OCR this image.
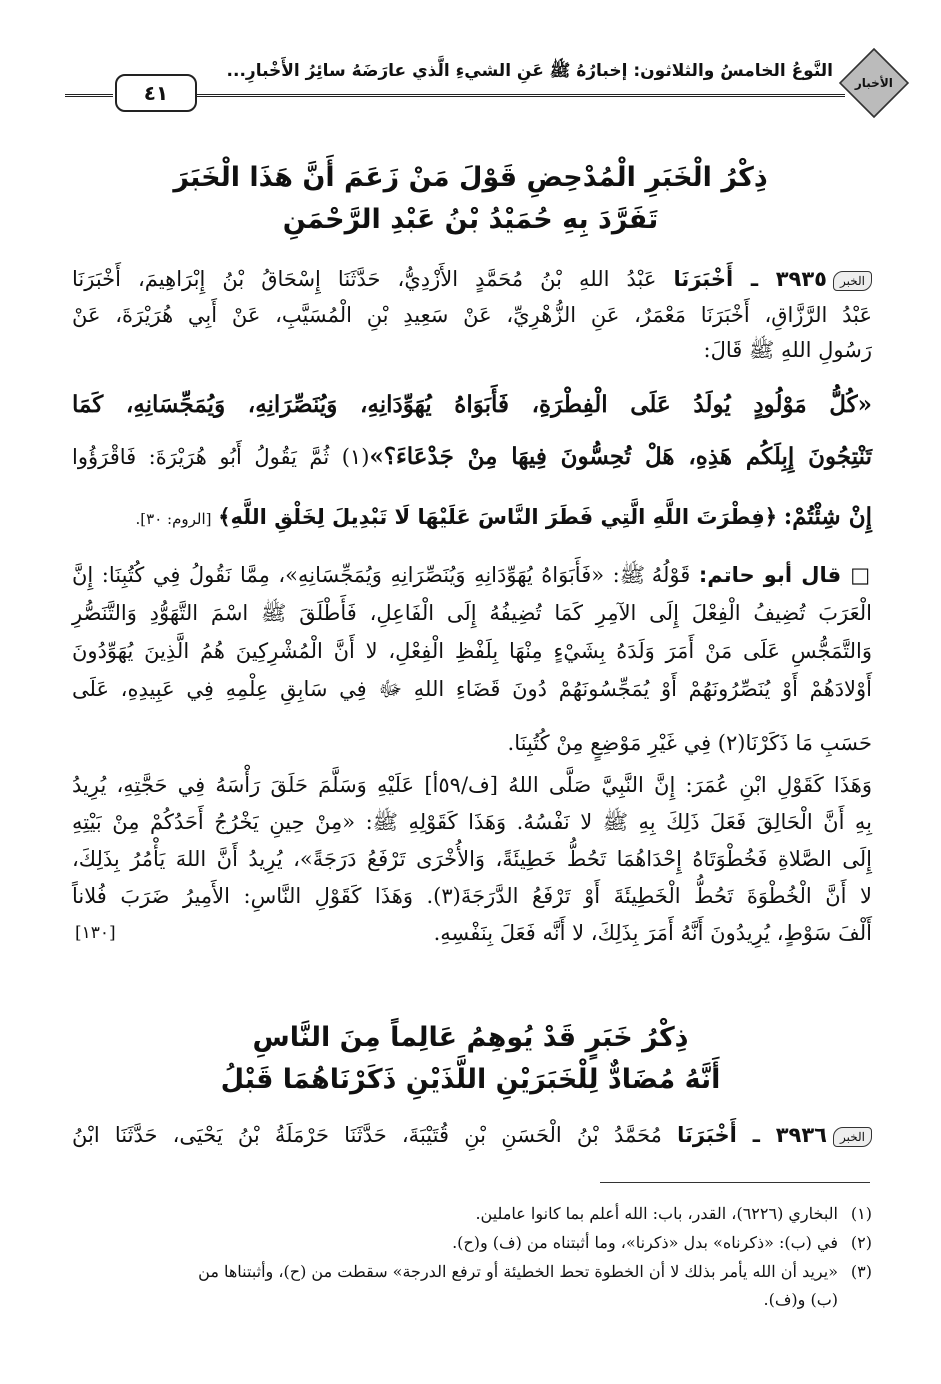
الأخبار
النَّوعُ الخامسُ والثلاثون: إخبارُهُ ﷺ عَنِ الشيءِ الَّذي عارَضَهُ سائِرُ الأَخْبارِ...
٤١
ذِكْرُ الْخَبَرِ الْمُدْحِضِ قَوْلَ مَنْ زَعَمَ أَنَّ هَذَا الْخَبَرَ
تَفَرَّدَ بِهِ حُمَيْدُ بْنُ عَبْدِ الرَّحْمَنِ
الخبر٣٩٣٥ ـ أَخْبَرَنَا عَبْدُ اللهِ بْنُ مُحَمَّدٍ الأَزْدِيُّ، حَدَّثَنَا إِسْحَاقُ بْنُ إِبْرَاهِيمَ، أَخْبَرَنَا
عَبْدُ الرَّزَّاقِ، أَخْبَرَنَا مَعْمَرٌ، عَنِ الزُّهْرِيِّ، عَنْ سَعِيدِ بْنِ الْمُسَيَّبِ، عَنْ أَبِي هُرَيْرَةَ، عَنْ
رَسُولِ اللهِ ﷺ قَالَ:
«كُلُّ مَوْلُودٍ يُولَدُ عَلَى الْفِطْرَةِ، فَأَبَوَاهُ يُهَوِّدَانِهِ، وَيُنَصِّرَانِهِ، وَيُمَجِّسَانِهِ، كَمَا
تَنْتِجُونَ إِبِلَكُم هَذِهِ، هَلْ تُحِسُّونَ فِيهَا مِنْ جَدْعَاءَ؟»(١) ثُمَّ يَقُولُ أَبُو هُرَيْرَةَ: فَاقْرَؤُوا
إِنْ شِئْتُمْ: ﴿فِطْرَتَ اللَّهِ الَّتِي فَطَرَ النَّاسَ عَلَيْهَا لَا تَبْدِيلَ لِخَلْقِ اللَّهِ﴾ [الروم: ٣٠].
□ قال أبو حاتم: قَوْلُهُ ﷺ: «فَأَبَوَاهُ يُهَوِّدَانِهِ وَيُنَصِّرَانِهِ وَيُمَجِّسَانِهِ»، مِمَّا نَقُولُ فِي كُتُبِنَا: إِنَّ
الْعَرَبَ تُضِيفُ الْفِعْلَ إِلَى الآمِرِ كَمَا تُضِيفُهُ إِلَى الْفَاعِلِ، فَأَطْلَقَ ﷺ اسْمَ التَّهَوُّدِ وَالتَّنَصُّرِ
وَالتَّمَجُّسِ عَلَى مَنْ أَمَرَ وَلَدَهُ بِشَيْءٍ مِنْهَا بِلَفْظِ الْفِعْلِ، لا أَنَّ الْمُشْرِكِينَ هُمُ الَّذِينَ يُهَوِّدُونَ
أَوْلادَهُمْ أَوْ يُنَصِّرُونَهُمْ أَوْ يُمَجِّسُونَهُمْ دُونَ قَضَاءِ اللهِ ﷻ فِي سَابِقِ عِلْمِهِ فِي عَبِيدِهِ، عَلَى
حَسَبِ مَا ذَكَرْنَا(٢) فِي غَيْرِ مَوْضِعٍ مِنْ كُتُبِنَا.
وَهَذَا كَقَوْلِ ابْنِ عُمَرَ: إِنَّ النَّبِيَّ صَلَّى اللهُ [ف/٥٩أ] عَلَيْهِ وَسَلَّمَ حَلَقَ رَأْسَهُ فِي حَجَّتِهِ، يُرِيدُ
بِهِ أَنَّ الْحَالِقَ فَعَلَ ذَلِكَ بِهِ ﷺ لا نَفْسُهُ. وَهَذَا كَقَوْلِهِ ﷺ: «مِنْ حِينِ يَخْرُجُ أَحَدُكُمْ مِنْ بَيْتِهِ
إِلَى الصَّلاةِ فَخُطْوَتَاهُ إِحْدَاهُمَا تَحُطُّ خَطِيئَةً، وَالأُخْرَى تَرْفَعُ دَرَجَةً»، يُرِيدُ أَنَّ اللهَ يَأْمُرُ بِذَلِكَ،
لا أَنَّ الْخُطْوَةَ تَحُطُّ الْخَطِيئَةَ أَوْ تَرْفَعُ الدَّرَجَةَ(٣). وَهَذَا كَقَوْلِ النَّاسِ: الأَمِيرُ ضَرَبَ فُلاناً
أَلْفَ سَوْطٍ، يُرِيدُونَ أَنَّهُ أَمَرَ بِذَلِكَ، لا أَنَّه فَعَلَ بِنَفْسِهِ.
[١٣٠]
ذِكْرُ خَبَرٍ قَدْ يُوهِمُ عَالِماً مِنَ النَّاسِ
أَنَّهُ مُضَادٌّ لِلْخَبَرَيْنِ اللَّذَيْنِ ذَكَرْنَاهُمَا قَبْلُ
الخبر٣٩٣٦ ـ أَخْبَرَنَا مُحَمَّدُ بْنُ الْحَسَنِ بْنِ قُتَيْبَةَ، حَدَّثَنَا حَرْمَلَةُ بْنُ يَحْيَى، حَدَّثَنَا ابْنُ
(١)البخاري (٦٢٢٦)، القدر، باب: الله أعلم بما كانوا عاملين.
(٢)في (ب): «ذكرناه» بدل «ذكرنا»، وما أثبتناه من (ف) و(ح).
(٣)«يريد أن الله يأمر بذلك لا أن الخطوة تحط الخطيئة أو ترفع الدرجة» سقطت من (ح)، وأثبتناها من
(ب) و(ف).
